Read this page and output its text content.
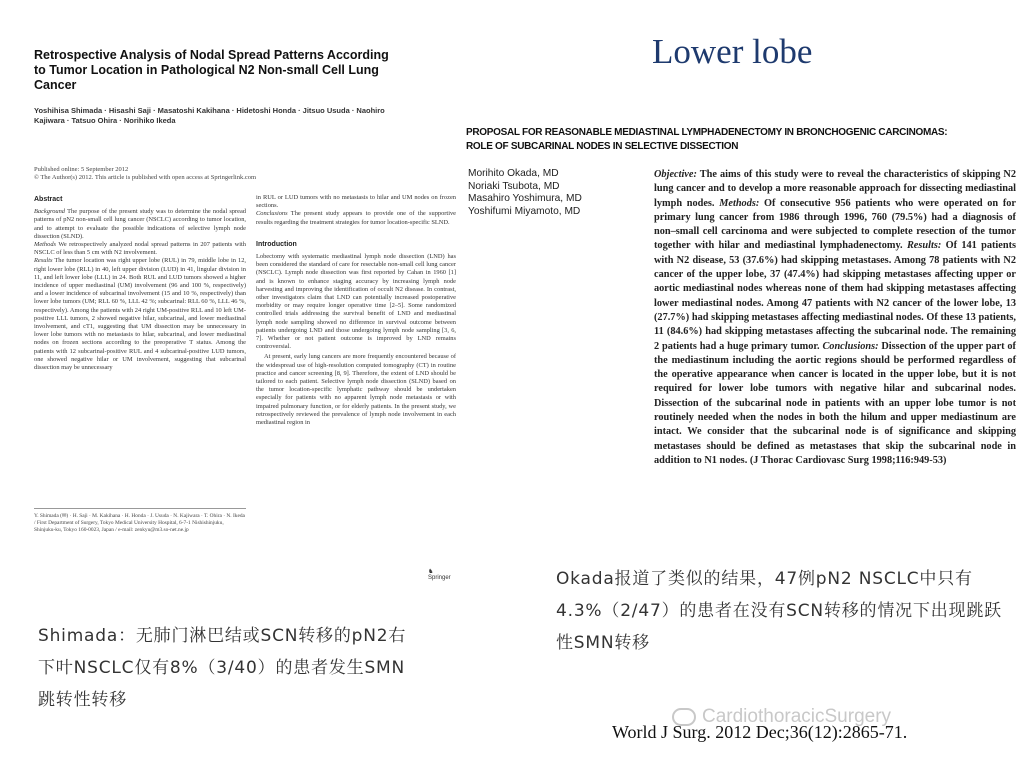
Retrospective Analysis of Nodal Spread Patterns According to Tumor Location in Pathological N2 Non-small Cell Lung Cancer
Yoshihisa Shimada · Hisashi Saji · Masatoshi Kakihana · Hidetoshi Honda · Jitsuo Usuda · Naohiro Kajiwara · Tatsuo Ohira · Norihiko Ikeda
Published online: 5 September 2012
© The Author(s) 2012. This article is published with open access at Springerlink.com
Abstract
Background The purpose of the present study was to determine the nodal spread patterns of pN2 non-small cell lung cancer (NSCLC) according to tumor location, and to attempt to evaluate the possible indications of selective lymph node dissection (SLND).
Methods We retrospectively analyzed nodal spread patterns in 207 patients with NSCLC of less than 5 cm with N2 involvement.
Results The tumor location was right upper lobe (RUL) in 79, middle lobe in 12, right lower lobe (RLL) in 40, left upper division (LUD) in 41, lingular division in 11, and left lower lobe (LLL) in 24. Both RUL and LUD tumors showed a higher incidence of upper mediastinal (UM) involvement (96 and 100 %, respectively) and a lower incidence of subcarinal involvement (15 and 10 %, respectively) than lower lobe tumors (UM; RLL 60 %, LLL 42 %; subcarinal: RLL 60 %, LLL 46 %, respectively). Among the patients with 24 right UM-positive RLL and 10 left UM-positive LLL tumors, 2 showed negative hilar, subcarinal, and lower mediastinal involvement, and cT1, suggesting that UM dissection may be unnecessary in lower lobe tumors with no metastasis to hilar, subcarinal, and lower mediastinal nodes on frozen sections according to the preoperative T status. Among the patients with 12 subcarinal-positive RUL and 4 subcarinal-positive LUD tumors, one showed negative hilar or UM involvement, suggesting that subcarinal dissection may be unnecessary
in RUL or LUD tumors with no metastasis to hilar and UM nodes on frozen sections.
Conclusions The present study appears to provide one of the supportive results regarding the treatment strategies for tumor location-specific SLND.
Introduction
Lobectomy with systematic mediastinal lymph node dissection (LND) has been considered the standard of care for resectable non-small cell lung cancer (NSCLC). Lymph node dissection was first reported by Cahan in 1960 [1] and is known to enhance staging accuracy by increasing lymph node harvesting and improving the identification of occult N2 disease. In contrast, other investigators claim that LND can potentially increased postoperative morbidity or may require longer operative time [2–5]. Some randomized controlled trials addressing the survival benefit of LND and mediastinal lymph node sampling showed no difference in survival outcome between patients undergoing LND and those undergoing lymph node sampling [3, 6, 7]. Whether or not patient outcome is improved by LND remains controversial.
At present, early lung cancers are more frequently encountered because of the widespread use of high-resolution computed tomography (CT) in routine practice and cancer screening [8, 9]. Therefore, the extent of LND should be tailored to each patient. Selective lymph node dissection (SLND) based on the tumor location-specific lymphatic pathway should be undertaken especially for patients with no apparent lymph node metastasis or with impaired pulmonary function, or for elderly patients. In the present study, we retrospectively reviewed the prevalence of lymph node involvement in each mediastinal region in
Y. Shimada (✉) · H. Saji · M. Kakihana · H. Honda · J. Usuda · N. Kajiwara · T. Ohira · N. Ikeda / First Department of Surgery, Tokyo Medical University Hospital, 6-7-1 Nishishinjuku, Shinjuku-ku, Tokyo 160-0023, Japan / e-mail: zenkyu@m3.so-net.ne.jp
♞ Springer
Lower lobe
PROPOSAL FOR REASONABLE MEDIASTINAL LYMPHADENECTOMY IN BRONCHOGENIC CARCINOMAS: ROLE OF SUBCARINAL NODES IN SELECTIVE DISSECTION
Morihito Okada, MD
Noriaki Tsubota, MD
Masahiro Yoshimura, MD
Yoshifumi Miyamoto, MD
Objective: The aims of this study were to reveal the characteristics of skipping N2 lung cancer and to develop a more reasonable approach for dissecting mediastinal lymph nodes. Methods: Of consecutive 956 patients who were operated on for primary lung cancer from 1986 through 1996, 760 (79.5%) had a diagnosis of non–small cell carcinoma and were subjected to complete resection of the tumor together with hilar and mediastinal lymphadenectomy. Results: Of 141 patients with N2 disease, 53 (37.6%) had skipping metastases. Among 78 patients with N2 cancer of the upper lobe, 37 (47.4%) had skipping metastases affecting upper or aortic mediastinal nodes whereas none of them had skipping metastases affecting lower mediastinal nodes. Among 47 patients with N2 cancer of the lower lobe, 13 (27.7%) had skipping metastases affecting mediastinal nodes. Of these 13 patients, 11 (84.6%) had skipping metastases affecting the subcarinal node. The remaining 2 patients had a huge primary tumor. Conclusions: Dissection of the upper part of the mediastinum including the aortic regions should be performed regardless of the operative appearance when cancer is located in the upper lobe, but it is not required for lower lobe tumors with negative hilar and subcarinal nodes. Dissection of the subcarinal node in patients with an upper lobe tumor is not routinely needed when the nodes in both the hilum and upper mediastinum are intact. We consider that the subcarinal node is of significance and skipping metastases should be defined as metastases that skip the subcarinal node in addition to N1 nodes. (J Thorac Cardiovasc Surg 1998;116:949-53)
Okada报道了类似的结果，47例pN2 NSCLC中只有4.3%（2/47）的患者在没有SCN转移的情况下出现跳跃性SMN转移
Shimada：无肺门淋巴结或SCN转移的pN2右下叶NSCLC仅有8%（3/40）的患者发生SMN跳转性转移
World J Surg. 2012 Dec;36(12):2865-71.
CardiothoracicSurgery
